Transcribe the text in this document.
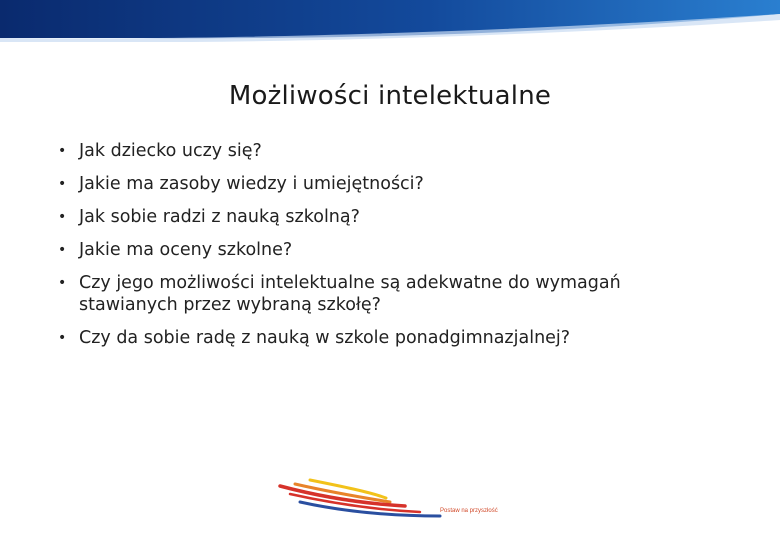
Możliwości intelektualne
• Jak dziecko uczy się?
• Jakie ma zasoby wiedzy i umiejętności?
• Jak sobie radzi z nauką szkolną?
• Jakie ma oceny szkolne?
• Czy jego możliwości intelektualne są adekwatne do wymagań stawianych przez wybraną szkołę?
• Czy da sobie radę z nauką w szkole ponadgimnazjalnej?
Postaw na przyszłość
